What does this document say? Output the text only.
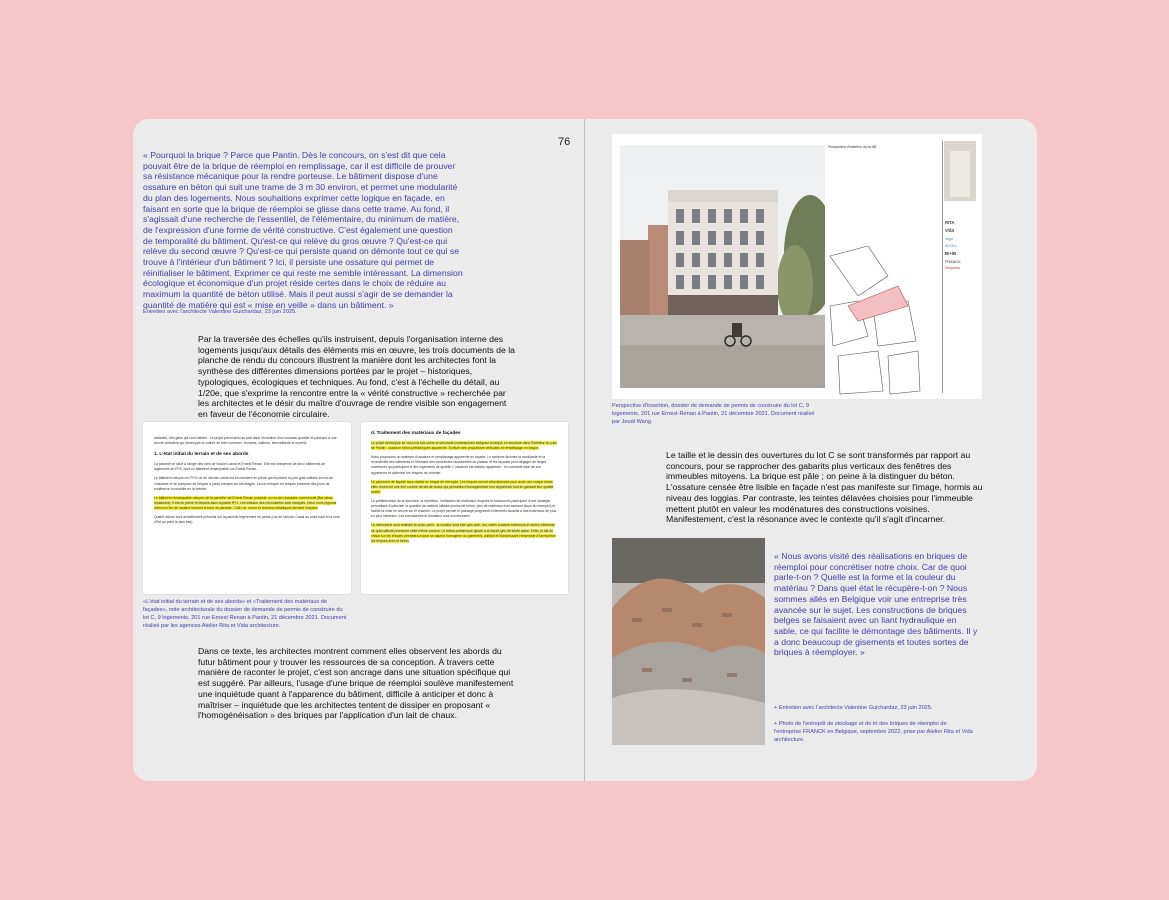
76

« Pourquoi la brique ? Parce que Pantin. Dès le concours, on s'est dit que cela pouvait être de la brique de réemploi en remplissage, car il est difficile de prouver sa résistance mécanique pour la rendre porteuse. Le bâtiment dispose d'une ossature en béton qui suit une trame de 3 m 30 environ, et permet une modularité du plan des logements. Nous souhaitions exprimer cette logique en façade, en faisant en sorte que la brique de réemploi se glisse dans cette trame. Au fond, il s'agissait d'une recherche de l'essentiel, de l'élémentaire, du minimum de matière, de l'expression d'une forme de vérité constructive. C'est également une question de temporalité du bâtiment. Qu'est-ce qui relève du gros œuvre ? Qu'est-ce qui relève du second œuvre ? Qu'est-ce qui persiste quand on démonte tout ce qui se trouve à l'intérieur d'un bâtiment ? Ici, il persiste une ossature qui permet de réinitialiser le bâtiment. Exprimer ce qui reste me semble intéressant. La dimension écologique et économique d'un projet réside certes dans le choix de réduire au maximum la quantité de béton utilisé. Mais il peut aussi s'agir de se demander la quantité de matière qui est « mise en veille » dans un bâtiment. »

Entretien avec l'architecte Valentine Guichardaz, 23 juin 2025.

Par la traversée des échelles qu'ils instruisent, depuis l'organisation interne des logements jusqu'aux détails des éléments mis en œuvre, les trois documents de la planche de rendu du concours illustrent la manière dont les architectes font la synthèse des différentes dimensions portées par le projet – historiques, typologiques, écologiques et techniques. Au fond, c'est à l'échelle du détail, au 1/20e, que s'exprime la rencontre entre la « vérité constructive » recherchée par les architectes et le désir du maître d'ouvrage de rendre visible son engagement en faveur de l'économie circulaire.

abstraire, des gens qui vont habiter : Le projet prend ainsi sa part dans l'évolution d'un nouveau quartier et participe à une œuvre collective qui développe la culture du bien commun : textures, calibres, bienveillants et ouverts.

1. L'état initial du terrain et de ses abords

La parcelle se situe à l'angle des rues de l'ancien canal et Ernest Renan. Elle est mitoyenne de deux bâtiments de logements en R+5, dont un bâtiment remarquable rue Ernest Renan.

Le bâtiment mitoyen en R+5 rue de l'ancien canal est en meulière en pierre qui reçoivent la joint gras vallidan en rez-de-chaussée et se compose de briques à joints creusés sur les étages. La rue mitoyen en briques présente des jours de souffrance à conduite en la refonte.

Le bâtiment remarquable mitoyen de la parcelle rue Ernest Renan possède un rez-de-chaussée commercial (Bar tabac restaurant). Il est en pierre et briques dans la partie R+1. Les linteaux des menuiseries sont marqués. Deux murs pignons d'environ 5m de hauteur ferment le fond de parcelle. Côté rue, muret et clôtures métalliques ferment l'espace.

Quatre arbres sont actuellement présents sur la parcelle légèrement en pente (rue de l'ancien Canal au point haut et la cour d'îlot au point le plus bas).

d. Traitement des matériaux de façades

Le projet développé se veut à la fois sobre et structurel contemporain intégrant la brique en structure dans l'intérieur du parc de Pantin : ossature béton préfabriquée apparente. Écriture des proportions verticales et remplissage en brique.

Nous proposons un système d'ossature et remplissage apparents en façade. Le système favorise la modularité et la réversibilité des bâtiments et l'élément des contraintes structurelles du plateau et les façades pour dégager de larges ouvertures qui participent à des logements de qualité. L'ossature est laissée apparente : en contraste total de son apparence et optimiser les briques de chantier.

Le parement de façade sera réalisé en brique de réemploi. Les briques seront sélectionnées pour avoir une unique teinte, elles recevront une fine couche de lait de chaux qui permettra d'homogénéiser leur apparence tout en gardant leur qualité tactile.

La préfabrication de la structure, la répétition, l'utilisation de matériaux recyclés et biosourcés participent d'une stratégie permettant d'optimiser la quantité de matière utilisée (moins de béton, plus de matériaux bas carbone issus du réemploi) et facilite la mise en œuvre sur le chantier. Le projet permet le passage progressif d'éléments isolants à des matériaux de plus en plus minéraux. Les menuiseries et l'isolation sont coordonnées.

La menuiserie sera réalisée en acier peint : la couleur sera bien gris clair. Les volets roulants extérieurs et autres éléments de quincaillerie prendront cette même couleur. Le béton préfabriqué ajouté à la lasure gris de teinte claire. Enfin, le lait de chaux sur les briques permettra d'avoir un aspect homogène du parement, unifiant et blanchissant l'ensemble d'harmoniser les briques avec le béton.

«L'état initial du terrain et de ses abords» et «Traitement des matériaux de façades», note architecturale du dossier de demande de permis de construire du lot C, 9 logements, 201 rue Ernest Renan à Pantin, 21 décembre 2021. Document réalisé par les agences Atelier Rita et Vida architecture.

Dans ce texte, les architectes montrent comment elles observent les abords du futur bâtiment pour y trouver les ressources de sa conception. À travers cette manière de raconter le projet, c'est son ancrage dans une situation spécifique qui est suggéré. Par ailleurs, l'usage d'une brique de réemploi soulève manifestement une inquiétude quant à l'apparence du bâtiment, difficile à anticiper et donc à maîtriser – inquiétude que les architectes tentent de dissiper en proposant « l'homogénéisation » des briques par l'application d'un lait de chaux.

Perspective d'insertion du lot 8B
RITA
vida
ollgo
ACOLL
B!+/B
FRANCK
Sequens

Perspective d'insertion, dossier de demande de permis de construire du lot C, 9 logements, 201 rue Ernest-Renan à Pantin, 21 décembre 2021. Document réalisé par Jeudi Wang.

Le taille et le dessin des ouvertures du lot C se sont transformés par rapport au concours, pour se rapprocher des gabarits plus verticaux des fenêtres des immeubles mitoyens. La brique est pâle ; on peine à la distinguer du béton. L'ossature censée être lisible en façade n'est pas manifeste sur l'image, hormis au niveau des loggias. Par contraste, les teintes délavées choisies pour l'immeuble mettent plutôt en valeur les modénatures des constructions voisines. Manifestement, c'est la résonance avec le contexte qu'il s'agit d'incarner.

« Nous avons visité des réalisations en briques de réemploi pour concrétiser notre choix. Car de quoi parle-t-on ? Quelle est la forme et la couleur du matériau ? Dans quel état le récupère-t-on ? Nous sommes allés en Belgique voir une entreprise très avancée sur le sujet. Les constructions de briques belges se faisaient avec un liant hydraulique en sable, ce qui facilite le démontage des bâtiments. Il y a donc beaucoup de gisements et toutes sortes de briques à réemployer. »

+ Entretien avec l'architecte Valentine Guichardaz, 23 juin 2025.

+ Photo de l'entrepôt de stockage et de tri des briques de réemploi de l'entreprise FRANCK en Belgique, septembre 2022, prise par Atelier Rita et Vida architecture.
